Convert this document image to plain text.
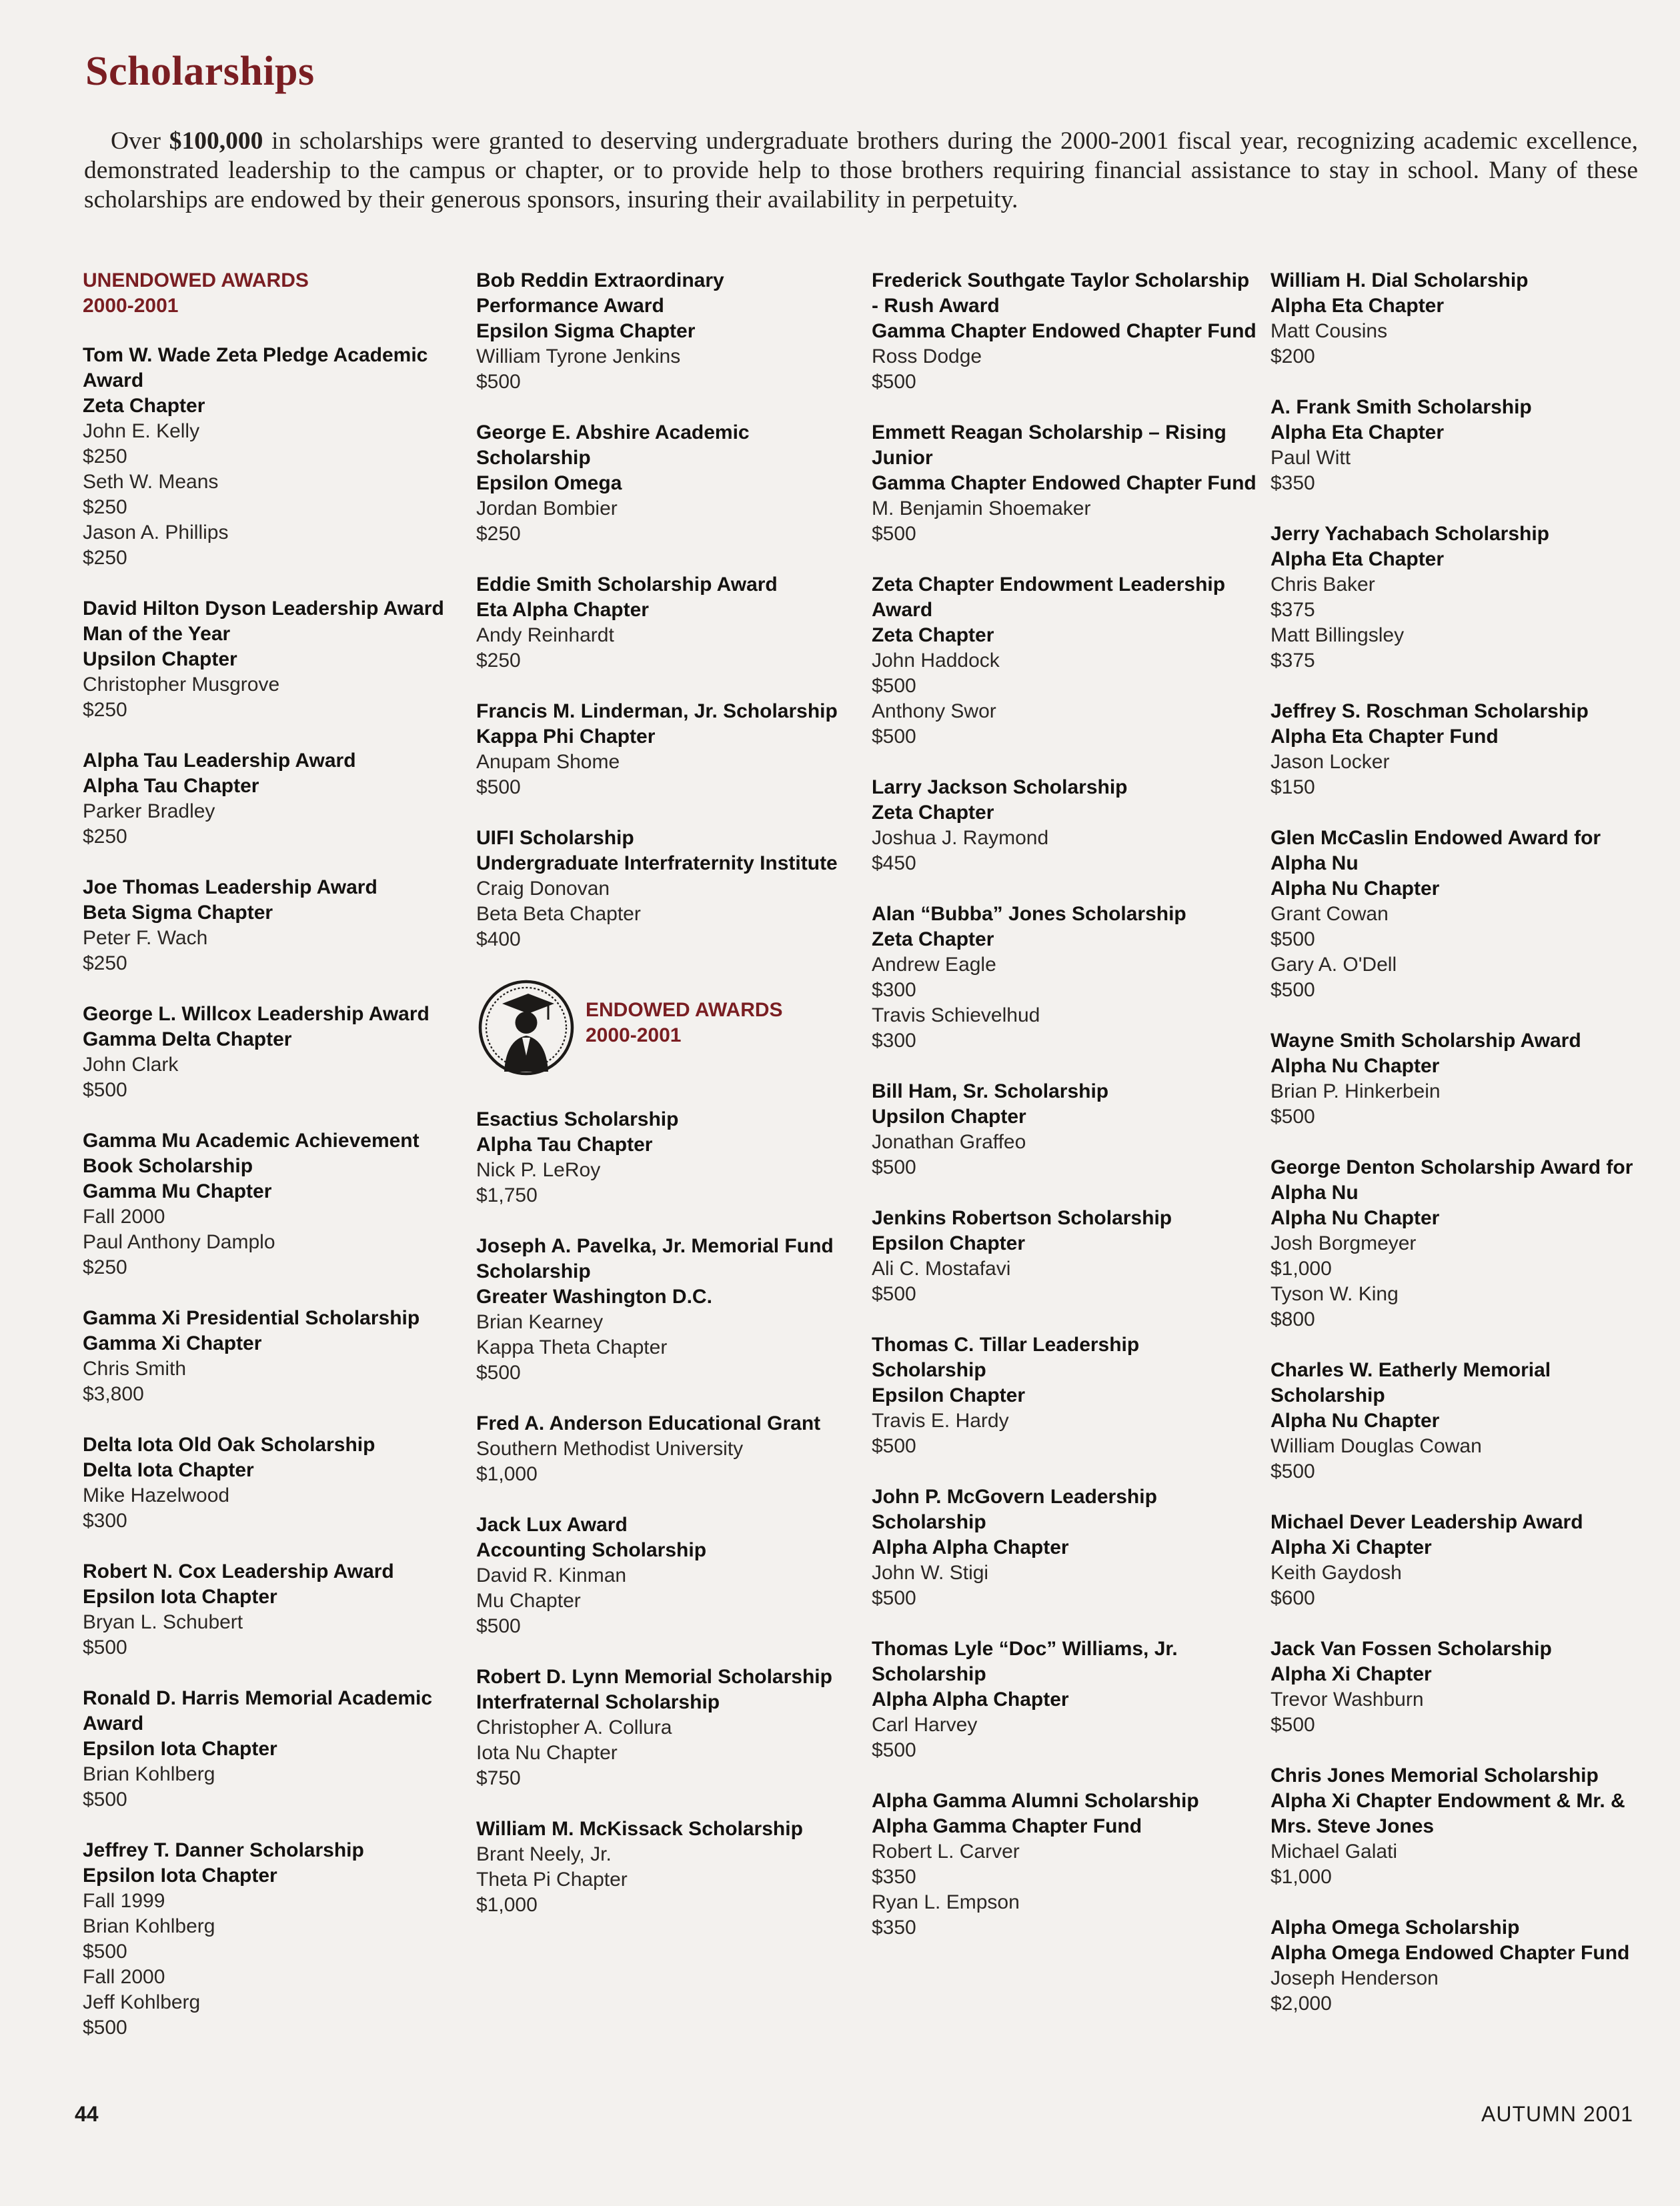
Scholarships
Over $100,000 in scholarships were granted to deserving undergraduate brothers during the 2000-2001 fiscal year, recognizing academic excellence, demonstrated leadership to the campus or chapter, or to provide help to those brothers requiring financial assistance to stay in school. Many of these scholarships are endowed by their generous sponsors, insuring their availability in perpetuity.
UNENDOWED AWARDS
2000-2001
Tom W. Wade Zeta Pledge Academic Award
Zeta Chapter
John E. Kelly
$250
Seth W. Means
$250
Jason A. Phillips
$250
David Hilton Dyson Leadership Award
Man of the Year
Upsilon Chapter
Christopher Musgrove
$250
Alpha Tau Leadership Award
Alpha Tau Chapter
Parker Bradley
$250
Joe Thomas Leadership Award
Beta Sigma Chapter
Peter F. Wach
$250
George L. Willcox Leadership Award
Gamma Delta Chapter
John Clark
$500
Gamma Mu Academic Achievement Book Scholarship
Gamma Mu Chapter
Fall 2000
Paul Anthony Damplo
$250
Gamma Xi Presidential Scholarship
Gamma Xi Chapter
Chris Smith
$3,800
Delta Iota Old Oak Scholarship
Delta Iota Chapter
Mike Hazelwood
$300
Robert N. Cox Leadership Award
Epsilon Iota Chapter
Bryan L. Schubert
$500
Ronald D. Harris Memorial Academic Award
Epsilon Iota Chapter
Brian Kohlberg
$500
Jeffrey T. Danner Scholarship
Epsilon Iota Chapter
Fall 1999
Brian Kohlberg
$500
Fall 2000
Jeff Kohlberg
$500
Bob Reddin Extraordinary Performance Award
Epsilon Sigma Chapter
William Tyrone Jenkins
$500
George E. Abshire Academic Scholarship
Epsilon Omega
Jordan Bombier
$250
Eddie Smith Scholarship Award
Eta Alpha Chapter
Andy Reinhardt
$250
Francis M. Linderman, Jr. Scholarship
Kappa Phi Chapter
Anupam Shome
$500
UIFI Scholarship
Undergraduate Interfraternity Institute
Craig Donovan
Beta Beta Chapter
$400
ENDOWED AWARDS
2000-2001
Esactius Scholarship
Alpha Tau Chapter
Nick P. LeRoy
$1,750
Joseph A. Pavelka, Jr. Memorial Fund Scholarship
Greater Washington D.C.
Brian Kearney
Kappa Theta Chapter
$500
Fred A. Anderson Educational Grant
Southern Methodist University
$1,000
Jack Lux Award
Accounting Scholarship
David R. Kinman
Mu Chapter
$500
Robert D. Lynn Memorial Scholarship
Interfraternal Scholarship
Christopher A. Collura
Iota Nu Chapter
$750
William M. McKissack Scholarship
Brant Neely, Jr.
Theta Pi Chapter
$1,000
Frederick Southgate Taylor Scholarship - Rush Award
Gamma Chapter Endowed Chapter Fund
Ross Dodge
$500
Emmett Reagan Scholarship – Rising Junior
Gamma Chapter Endowed Chapter Fund
M. Benjamin Shoemaker
$500
Zeta Chapter Endowment Leadership Award
Zeta Chapter
John Haddock
$500
Anthony Swor
$500
Larry Jackson Scholarship
Zeta Chapter
Joshua J. Raymond
$450
Alan “Bubba” Jones Scholarship
Zeta Chapter
Andrew Eagle
$300
Travis Schievelhud
$300
Bill Ham, Sr. Scholarship
Upsilon Chapter
Jonathan Graffeo
$500
Jenkins Robertson Scholarship
Epsilon Chapter
Ali C. Mostafavi
$500
Thomas C. Tillar Leadership Scholarship
Epsilon Chapter
Travis E. Hardy
$500
John P. McGovern Leadership Scholarship
Alpha Alpha Chapter
John W. Stigi
$500
Thomas Lyle “Doc” Williams, Jr. Scholarship
Alpha Alpha Chapter
Carl Harvey
$500
Alpha Gamma Alumni Scholarship
Alpha Gamma Chapter Fund
Robert L. Carver
$350
Ryan L. Empson
$350
William H. Dial Scholarship
Alpha Eta Chapter
Matt Cousins
$200
A. Frank Smith Scholarship
Alpha Eta Chapter
Paul Witt
$350
Jerry Yachabach Scholarship
Alpha Eta Chapter
Chris Baker
$375
Matt Billingsley
$375
Jeffrey S. Roschman Scholarship
Alpha Eta Chapter Fund
Jason Locker
$150
Glen McCaslin Endowed Award for Alpha Nu
Alpha Nu Chapter
Grant Cowan
$500
Gary A. O'Dell
$500
Wayne Smith Scholarship Award
Alpha Nu Chapter
Brian P. Hinkerbein
$500
George Denton Scholarship Award for Alpha Nu
Alpha Nu Chapter
Josh Borgmeyer
$1,000
Tyson W. King
$800
Charles W. Eatherly Memorial Scholarship
Alpha Nu Chapter
William Douglas Cowan
$500
Michael Dever Leadership Award
Alpha Xi Chapter
Keith Gaydosh
$600
Jack Van Fossen Scholarship
Alpha Xi Chapter
Trevor Washburn
$500
Chris Jones Memorial Scholarship
Alpha Xi Chapter Endowment & Mr. & Mrs. Steve Jones
Michael Galati
$1,000
Alpha Omega Scholarship
Alpha Omega Endowed Chapter Fund
Joseph Henderson
$2,000
44	AUTUMN 2001
